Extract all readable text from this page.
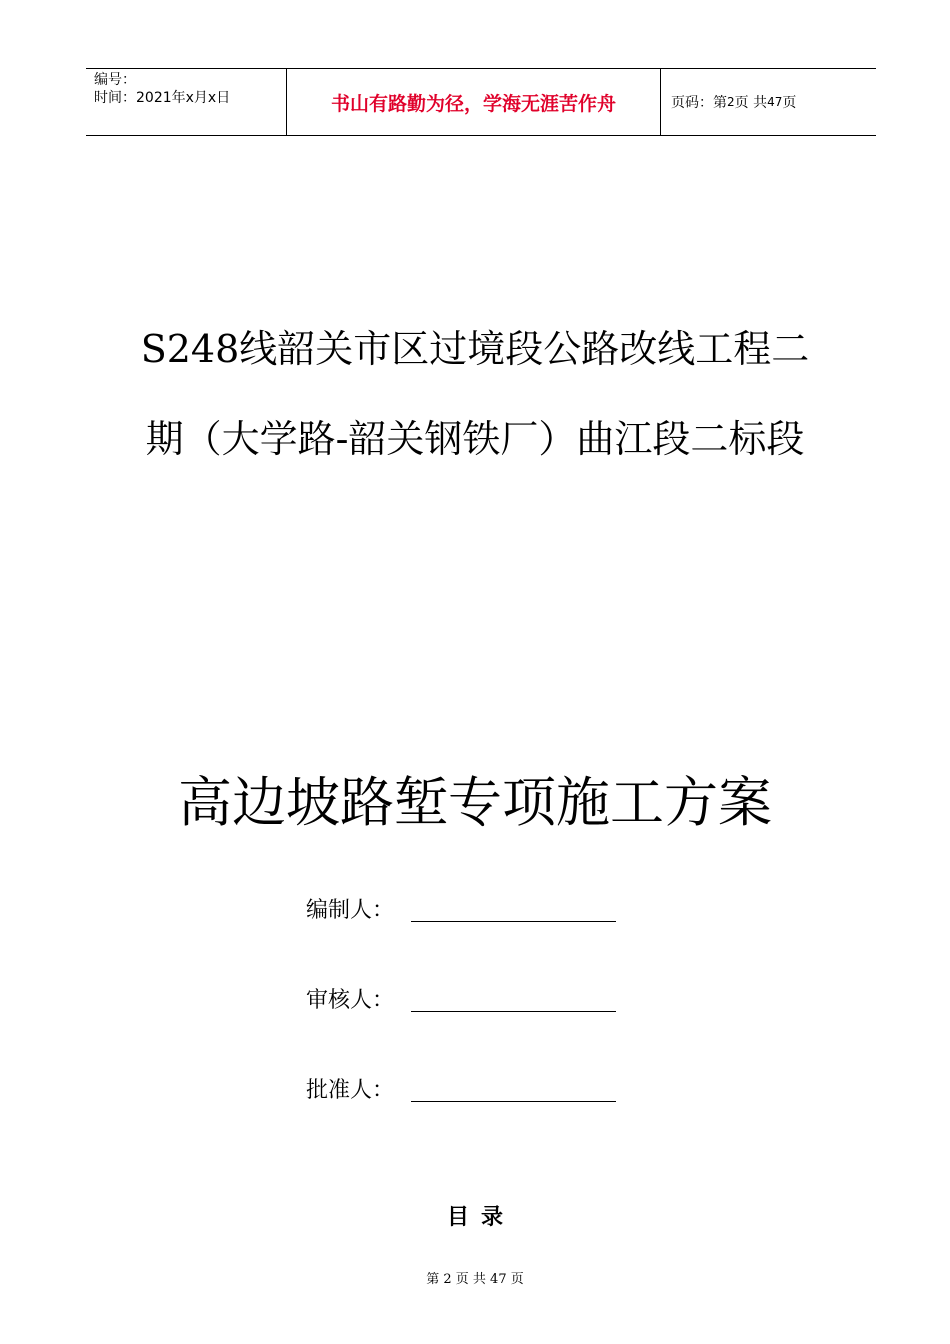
编号：
时间：2021年x月x日	书山有路勤为径，学海无涯苦作舟	页码：第 2 页 共 47 页
S248线韶关市区过境段公路改线工程二
期（大学路-韶关钢铁厂）曲江段二标段
高边坡路堑专项施工方案
编制人：
审核人：
批准人：
目录
第 2 页 共 47 页
